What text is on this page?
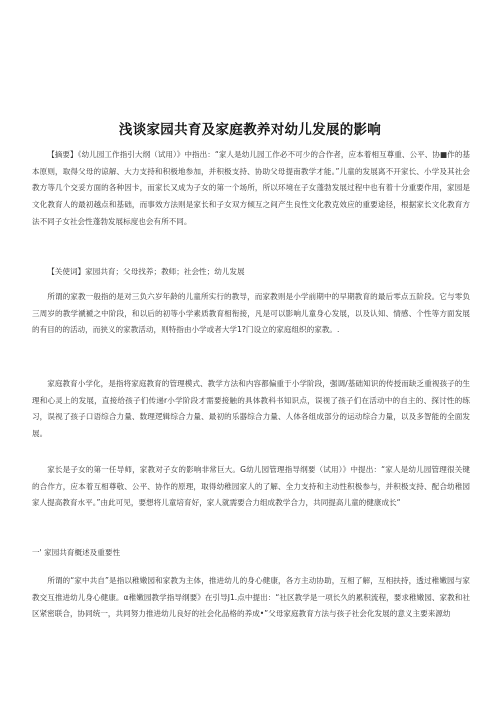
浅谈家园共育及家庭教养对幼儿发展的影响

【摘要】《幼儿园工作指引大纲（试用）》中指出：“家人是幼儿园工作必不可少的合作者，应本着相互尊重、公平、协■作的基本原则，取得父母的谅解、大力支持和积极地参加，并积极支持、协助父母提南教学才能。”儿童的发展离不开家长、小学及其社会教方等几个交妥方面的各种因卡，而家长又成为子女的第一个场所，所以环境在子女蓬勃发展过程中也有着十分重要作用，家园是文化教育人的最初越点和基础，而事效方法则是家长和子女双方倾互之间产生良性文化教克效应的重要途径，根据家长文化教育方法不同子女社会性蓬勃发展标度也会有所不同。

【关使词】家园共育；父母找养；教师；社会性；幼儿发展

所谓的家教一般指的是对三负六岁年龄的儿童所实行的教导，而家教则是小学前期中的早期教育的最后零点五阶段。它与零负三周岁的教学褫褫之中阶段，和以后的初等小学素质教育相衔接，凡是可以影响儿童身心发展，以及认知、情感、个性等方面发展的有目的的活动，而狭义的家教活动，则特指由小学或者大学1?门设立的家庭组织的家教。.

家庭教育小学化，是指将家庭教育的管理模式、教学方法和内容都偏重于小学阶段，强调/基础知识的传授而缺乏重视孩子的生理和心灵上的发展，直接给孩子们传递r小学阶段才需要接触的具体教科书知识点，误视了孩子们在活动中的自主的、探讨性的练习，误视了孩子口语综合力量、数理逻辑综合力量、最初的乐器综合力量、人体各组成部分的运动综合力量，以及多智能的全面发展。

家长是子女的第一任导师，家教对子女的影响非常巨大。G幼儿园管理指导纲要（试用）》中提出：“家人是幼儿园管理很关键的合作方，应本着互相尊敬、公平、协作的原理，取得幼稚园家人的了解、全力支持和主动性积极参与，并积极支持、配合幼稚园家人提高教育水平。”由此可见，要想将儿童培育好，家人就需要合力组成教学合力，共同提高儿童的健康成长“

一' 家园共育概述及重要性

所谓的“家中共自”是指以稚嫩园和家教为主体，推进幼儿的身心健康，各方主动协助，互相了解，互相扶持，透过稚嫩园与家教交互推进幼儿身心健康。α稚嫩园教学指导纲要》在引导J1.点中提出：“社区教学是一项长久的累积流程，要求稚嫩园、家教和社区紧密联合，协同统一，共同努力推进幼儿良好的社会化品格的养成•”父母家庭教育方法与孩子社会化发展的意义主要来源幼
